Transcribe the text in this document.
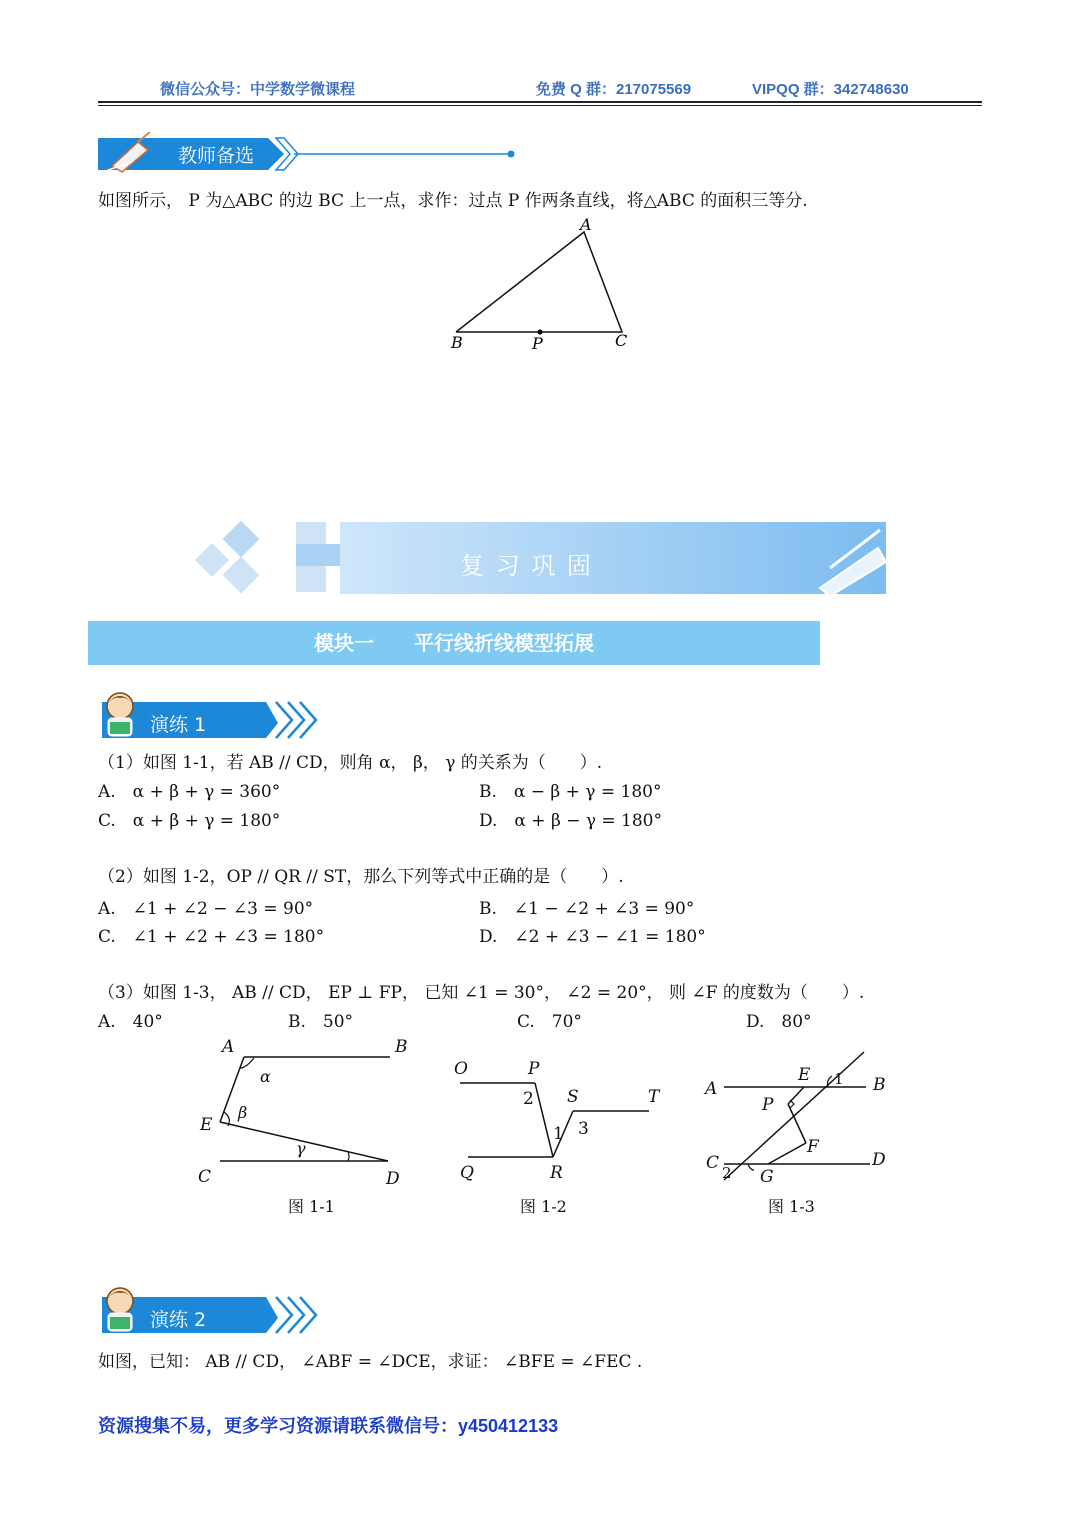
微信公众号：中学数学微课程	免费 Q 群：217075569	VIPQQ 群：342748630
教师备选
如图所示， P 为△ABC 的边 BC 上一点，求作：过点 P 作两条直线，将△ABC 的面积三等分.
A
B	C
P
复 习 巩 固
模块一　　平行线折线模型拓展
演练 1
（1）如图 1-1，若 AB // CD，则角 α， β， γ 的关系为（　　）.
A.　α + β + γ = 360°	B.　α − β + γ = 180°
C.　α + β + γ = 180°	D.　α + β − γ = 180°
（2）如图 1-2，OP // QR // ST，那么下列等式中正确的是（　　）.
A.　∠1 + ∠2 − ∠3 = 90°	B.　∠1 − ∠2 + ∠3 = 90°
C.　∠1 + ∠2 + ∠3 = 180°	D.　∠2 + ∠3 − ∠1 = 180°
（3）如图 1-3， AB // CD， EP ⊥ FP， 已知 ∠1 = 30°， ∠2 = 20°， 则 ∠F 的度数为（　　）.
A.　40°	B.　50°	C.　70°	D.　80°
A	B
E
C	D
α
β
γ
图 1-1
O	P
S	T
Q	R
2
1 3
图 1-2
A	B
E
P
F
C	D
G
1
2
图 1-3
演练 2
如图，已知： AB // CD， ∠ABF = ∠DCE，求证： ∠BFE = ∠FEC .
资源搜集不易，更多学习资源请联系微信号：y450412133
